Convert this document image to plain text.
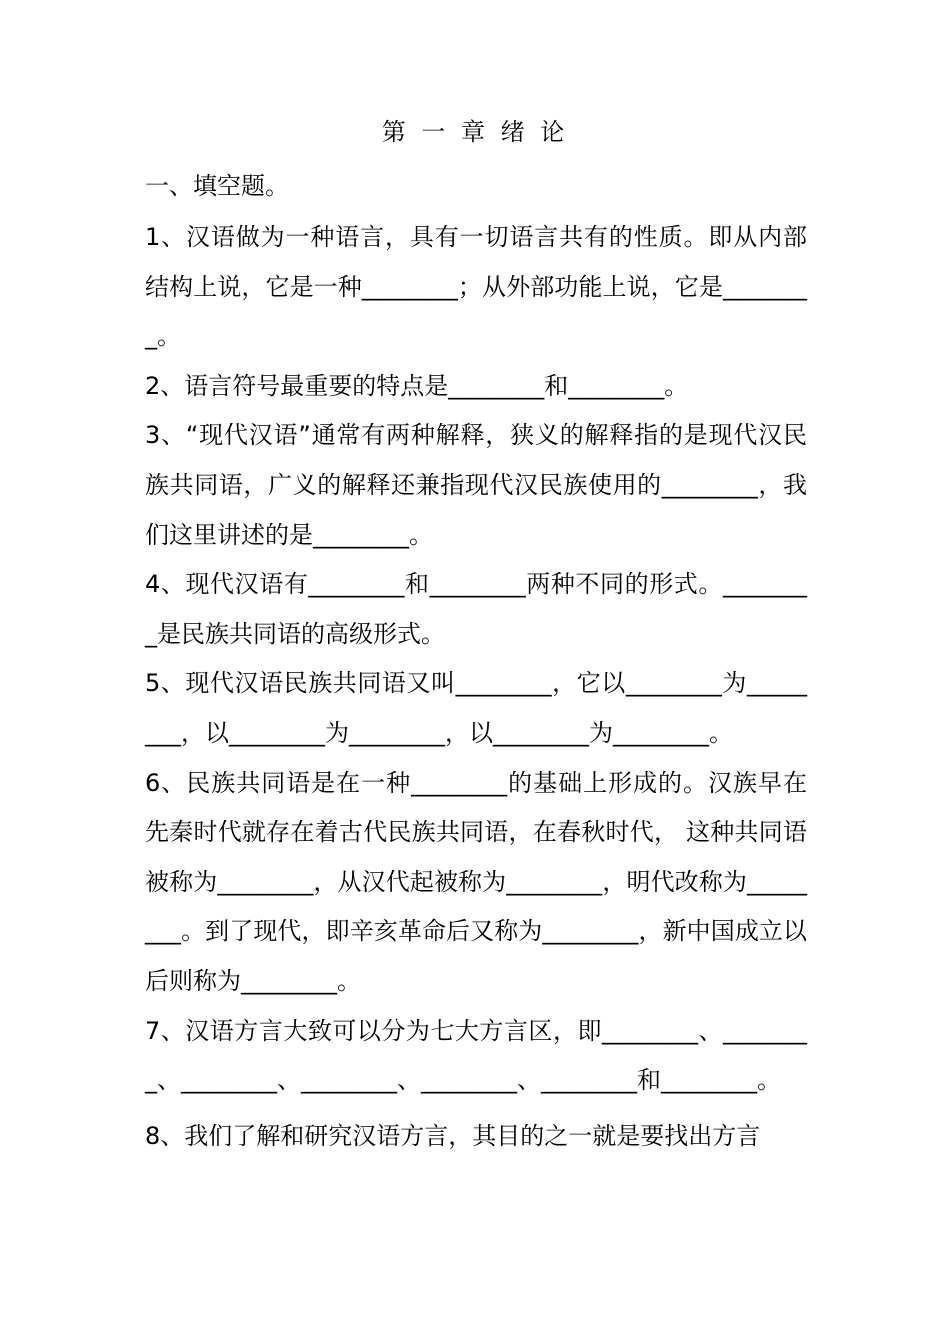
第 一 章 绪 论
一、填空题。

1、汉语做为一种语言，具有一切语言共有的性质。即从内部结构上说，它是一种________；从外部功能上说，它是________。

2、语言符号最重要的特点是________和________。

3、“现代汉语”通常有两种解释，狭义的解释指的是现代汉民族共同语，广义的解释还兼指现代汉民族使用的________，我们这里讲述的是________。

4、现代汉语有________和________两种不同的形式。________是民族共同语的高级形式。

5、现代汉语民族共同语又叫________，它以________为________，以________为________，以________为________。

6、民族共同语是在一种________的基础上形成的。汉族早在先秦时代就存在着古代民族共同语，在春秋时代， 这种共同语被称为________，从汉代起被称为________，明代改称为________。到了现代，即辛亥革命后又称为________，新中国成立以后则称为________。

7、汉语方言大致可以分为七大方言区，即________、________、________、________、________、________和________。

8、我们了解和研究汉语方言，其目的之一就是要找出方言
